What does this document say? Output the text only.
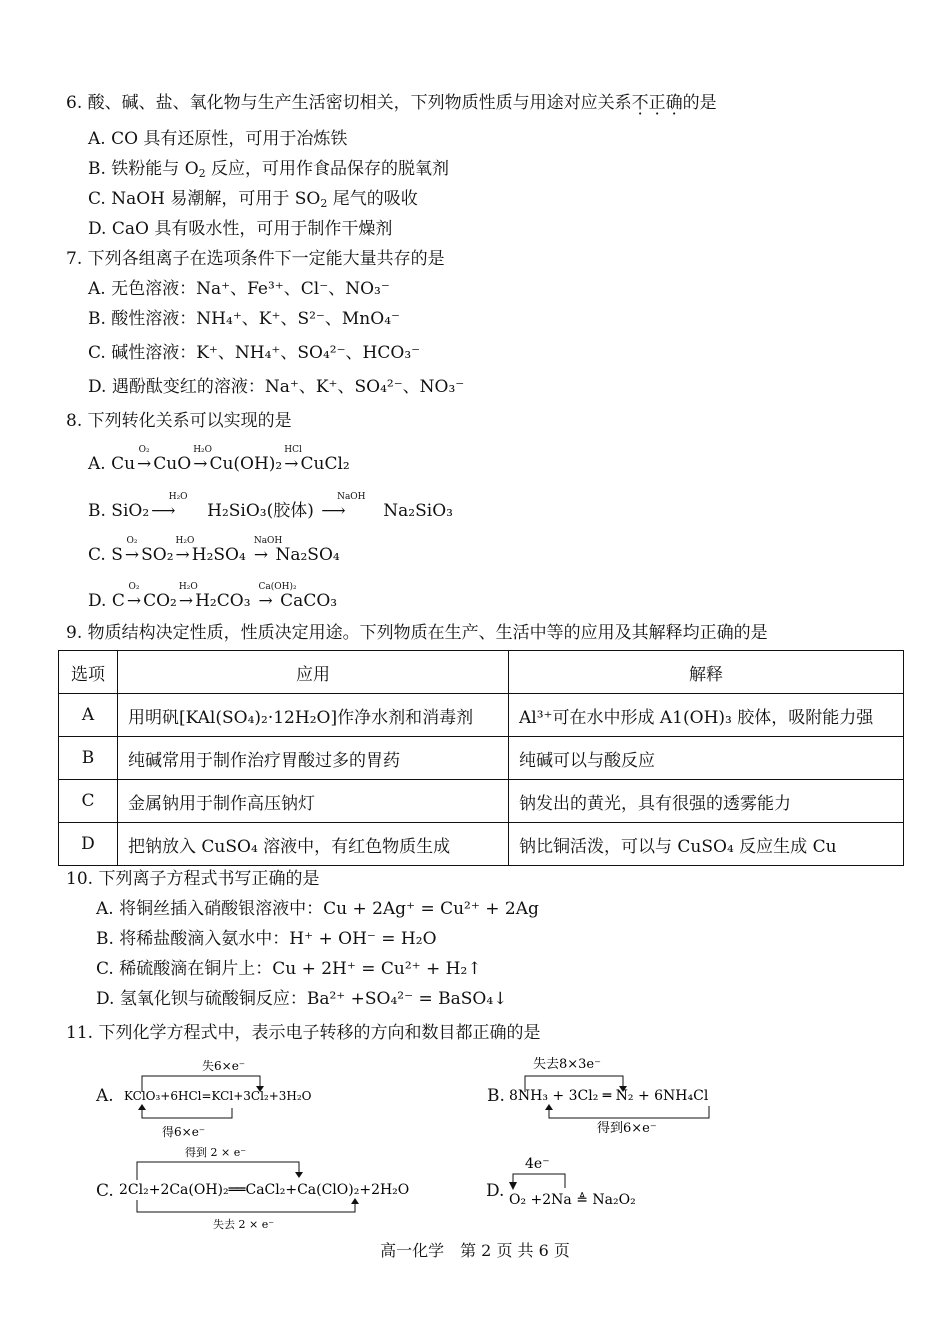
6. 酸、碱、盐、氧化物与生产生活密切相关，下列物质性质与用途对应关系不正确的是
A. CO 具有还原性，可用于冶炼铁
B. 铁粉能与 $O_2$ 反应，可用作食品保存的脱氧剂
C. NaOH 易潮解，可用于 $SO_2$ 尾气的吸收
D. CaO 具有吸水性，可用于制作干燥剂
7. 下列各组离子在选项条件下一定能大量共存的是
A. 无色溶液：Na⁺、Fe³⁺、Cl⁻、NO₃⁻
B. 酸性溶液：NH₄⁺、K⁺、S²⁻、MnO₄⁻
C. 碱性溶液：K⁺、NH₄⁺、SO₄²⁻、HCO₃⁻
D. 遇酚酞变红的溶液：Na⁺、K⁺、SO₄²⁻、NO₃⁻
8. 下列转化关系可以实现的是
A. Cu
O₂
→ CuO
H₂O
→ Cu(OH)₂
HCl
→ CuCl₂
B. SiO₂
H₂O
⟶ H₂SiO₃(胶体)
NaOH
⟶ Na₂SiO₃
C. S
O₂
→ SO₂
H₂O
→ H₂SO₄
NaOH
→ Na₂SO₄
D. C
O₂
→ CO₂
H₂O
→ H₂CO₃
Ca(OH)₂
→ CaCO₃
9. 物质结构决定性质，性质决定用途。下列物质在生产、生活中等的应用及其解释均正确的是
选项	应用	解释
A	用明矾[KAl(SO₄)₂·12H₂O]作净水剂和消毒剂	Al³⁺可在水中形成 A1(OH)₃ 胶体，吸附能力强
B	纯碱常用于制作治疗胃酸过多的胃药	纯碱可以与酸反应
C	金属钠用于制作高压钠灯	钠发出的黄光，具有很强的透雾能力
D	把钠放入 CuSO₄ 溶液中，有红色物质生成	钠比铜活泼，可以与 CuSO₄ 反应生成 Cu
10. 下列离子方程式书写正确的是
A. 将铜丝插入硝酸银溶液中：Cu + 2Ag⁺ = Cu²⁺ + 2Ag
B. 将稀盐酸滴入氨水中：H⁺ + OH⁻ = H₂O
C. 稀硫酸滴在铜片上：Cu + 2H⁺ = Cu²⁺ + H₂↑
D. 氢氧化钡与硫酸铜反应：Ba²⁺ +SO₄²⁻ = BaSO₄↓
11. 下列化学方程式中，表示电子转移的方向和数目都正确的是
A.
失6×e⁻
KClO₃+6HCl=KCl+3Cl₂+3H₂O
得6×e⁻
B.
失去8×3e⁻
8NH₃ + 3Cl₂ ═ N₂ + 6NH₄Cl
得到6×e⁻
C.
得到 2 × e⁻
2Cl₂+2Ca(OH)₂══CaCl₂+Ca(ClO)₂+2H₂O
失去 2 × e⁻
D.
4e⁻
O₂ +2Na ≜ Na₂O₂
高一化学　第 2 页 共 6 页
